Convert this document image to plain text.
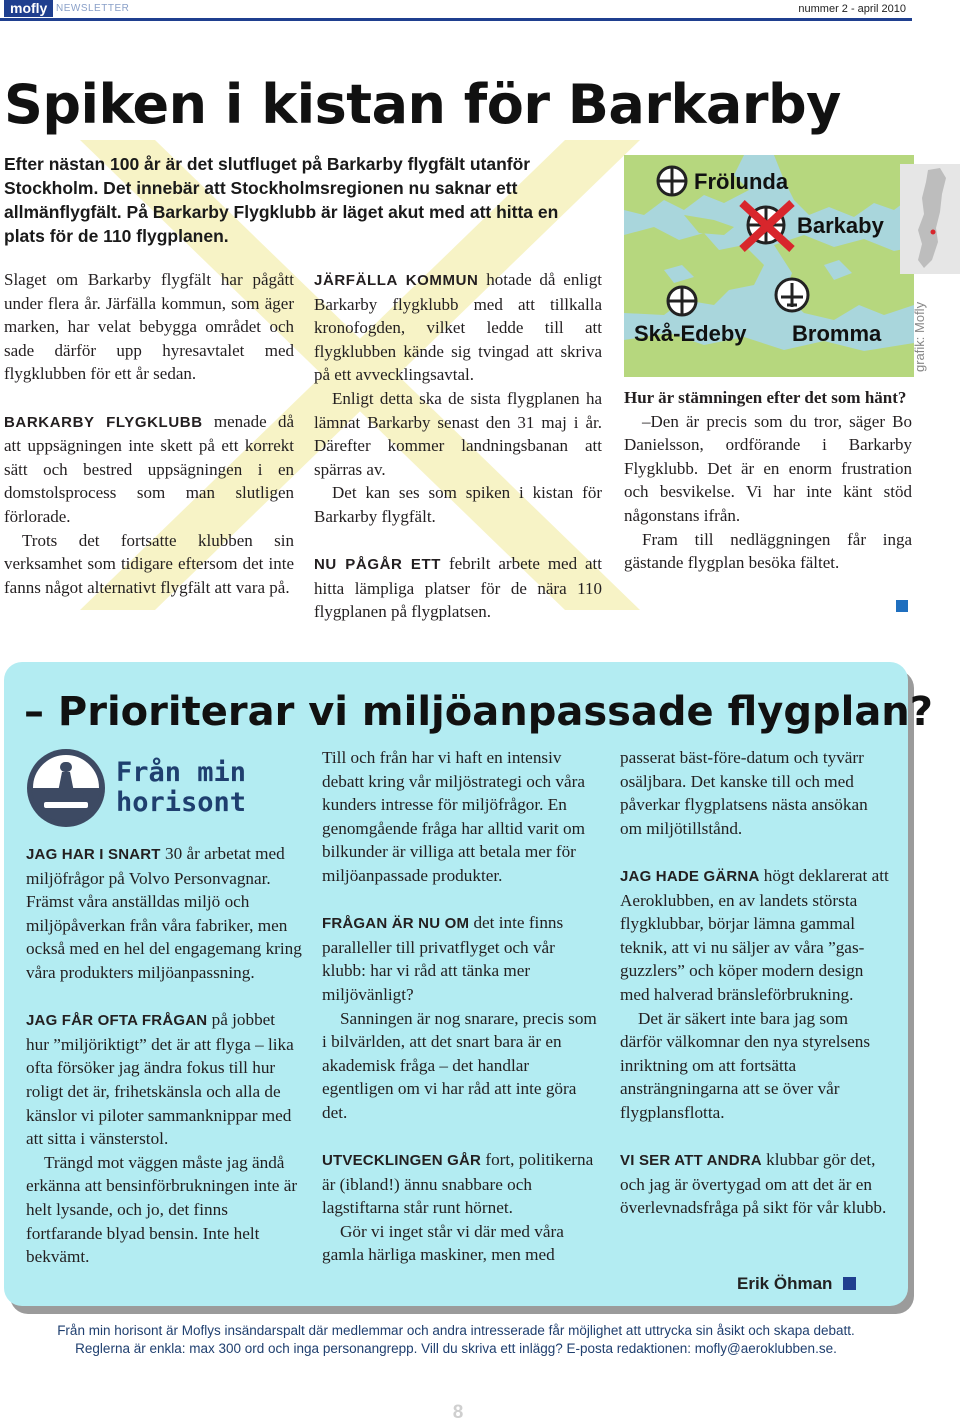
mofly NEWSLETTER	nummer 2 - april 2010
Spiken i kistan för Barkarby

Efter nästan 100 år är det slutfluget på Barkarby flygfält utanför Stockholm. Det innebär att Stockholmsregionen nu saknar ett allmänflygfält. På Barkarby Flygklubb är läget akut med att hitta en plats för de 110 flygplanen.

Slaget om Barkarby flygfält har pågått under flera år. Järfälla kommun, som äger marken, har velat bebygga området och sade därför upp hyresavtalet med flygklubben för ett år sedan.

BARKARBY FLYGKLUBB menade då att uppsägningen inte skett på ett korrekt sätt och bestred uppsägningen i en domstolsprocess som man slutligen förlorade.

Trots det fortsatte klubben sin verksamhet som tidigare eftersom det inte fanns något alternativt flygfält att vara på.

JÄRFÄLLA KOMMUN hotade då enligt Barkarby flygklubb med att tillkalla kronofogden, vilket ledde till att flygklubben kände sig tvingad att skriva på ett avvecklingsavtal.

Enligt detta ska de sista flygplanen ha lämnat Barkarby senast den 31 maj i år. Därefter kommer landningsbanan att spärras av.

Det kan ses som spiken i kistan för Barkarby flygfält.

NU PÅGÅR ETT febrilt arbete med att hitta lämpliga platser för de nära 110 flygplanen på flygplatsen.

Frölunda
Barkaby
Skå-Edeby Bromma grafik: Mofly

Hur är stämningen efter det som hänt?

–Den är precis som du tror, säger Bo Danielsson, ordförande i Barkarby Flygklubb. Det är en enorm frustration och besvikelse. Vi har inte känt stöd någonstans ifrån.

Fram till nedläggningen får inga gästande flygplan besöka fältet.

– Prioriterar vi miljöanpassade flygplan?
Från min
horisont

JAG HAR I SNART 30 år arbetat med miljöfrågor på Volvo Personvagnar. Främst våra anställdas miljö och miljöpåverkan från våra fabriker, men också med en hel del engagemang kring våra produkters miljöanpassning.

JAG FÅR OFTA FRÅGAN på jobbet hur ”miljöriktigt” det är att flyga – lika ofta försöker jag ändra fokus till hur roligt det är, frihetskänsla och alla de känslor vi piloter sammanknippar med att sitta i vänsterstol.

Trängd mot väggen måste jag ändå erkänna att bensinförbrukningen inte är helt lysande, och jo, det finns fortfarande blyad bensin. Inte helt bekvämt.

Till och från har vi haft en intensiv debatt kring vår miljöstrategi och våra kunders intresse för miljöfrågor. En genomgående fråga har alltid varit om bilkunder är villiga att betala mer för miljöanpassade produkter.

FRÅGAN ÄR NU OM det inte finns paralleller till privatflyget och vår klubb: har vi råd att tänka mer miljövänligt?

Sanningen är nog snarare, precis som i bilvärlden, att det snart bara är en akademisk fråga – det handlar egentligen om vi har råd att inte göra det.

UTVECKLINGEN GÅR fort, politikerna är (ibland!) ännu snabbare och lagstiftarna står runt hörnet.

Gör vi inget står vi där med våra gamla härliga maskiner, men med

passerat bäst-före-datum och tyvärr osäljbara. Det kanske till och med påverkar flygplatsens nästa ansökan om miljötillstånd.

JAG HADE GÄRNA högt deklarerat att Aeroklubben, en av landets största flygklubbar, börjar lämna gammal teknik, att vi nu säljer av våra ”gas-guzzlers” och köper modern design med halverad bränsleförbrukning.

Det är säkert inte bara jag som därför välkomnar den nya styrelsens inriktning om att fortsätta ansträngningarna att se över vår flygplansflotta.

VI SER ATT ANDRA klubbar gör det, och jag är övertygad om att det är en överlevnadsfråga på sikt för vår klubb.

Erik Öhman

Från min horisont är Moflys insändarspalt där medlemmar och andra intresserade får möjlighet att uttrycka sin åsikt och skapa debatt.

Reglerna är enkla: max 300 ord och inga personangrepp. Vill du skriva ett inlägg? E-posta redaktionen: mofly@aeroklubben.se.

8
